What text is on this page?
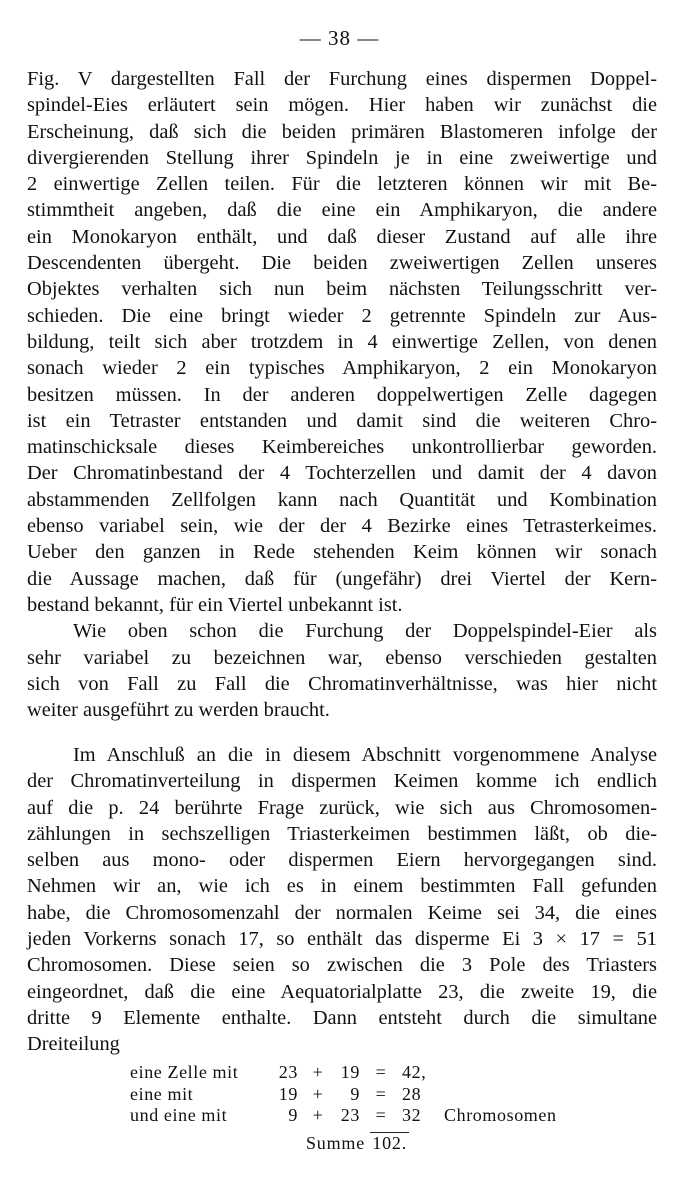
— 38 —
Fig. V dargestellten Fall der Furchung eines dispermen Doppel-
spindel-Eies erläutert sein mögen. Hier haben wir zunächst die
Erscheinung, daß sich die beiden primären Blastomeren infolge der
divergierenden Stellung ihrer Spindeln je in eine zweiwertige und
2 einwertige Zellen teilen. Für die letzteren können wir mit Be-
stimmtheit angeben, daß die eine ein Amphikaryon, die andere
ein Monokaryon enthält, und daß dieser Zustand auf alle ihre
Descendenten übergeht. Die beiden zweiwertigen Zellen unseres
Objektes verhalten sich nun beim nächsten Teilungsschritt ver-
schieden. Die eine bringt wieder 2 getrennte Spindeln zur Aus-
bildung, teilt sich aber trotzdem in 4 einwertige Zellen, von denen
sonach wieder 2 ein typisches Amphikaryon, 2 ein Monokaryon
besitzen müssen. In der anderen doppelwertigen Zelle dagegen
ist ein Tetraster entstanden und damit sind die weiteren Chro-
matinschicksale dieses Keimbereiches unkontrollierbar geworden.
Der Chromatinbestand der 4 Tochterzellen und damit der 4 davon
abstammenden Zellfolgen kann nach Quantität und Kombination
ebenso variabel sein, wie der der 4 Bezirke eines Tetrasterkeimes.
Ueber den ganzen in Rede stehenden Keim können wir sonach
die Aussage machen, daß für (ungefähr) drei Viertel der Kern-
bestand bekannt, für ein Viertel unbekannt ist.
Wie oben schon die Furchung der Doppelspindel-Eier als
sehr variabel zu bezeichnen war, ebenso verschieden gestalten
sich von Fall zu Fall die Chromatinverhältnisse, was hier nicht
weiter ausgeführt zu werden braucht.
Im Anschluß an die in diesem Abschnitt vorgenommene Analyse
der Chromatinverteilung in dispermen Keimen komme ich endlich
auf die p. 24 berührte Frage zurück, wie sich aus Chromosomen-
zählungen in sechszelligen Triasterkeimen bestimmen läßt, ob die-
selben aus mono- oder dispermen Eiern hervorgegangen sind.
Nehmen wir an, wie ich es in einem bestimmten Fall gefunden
habe, die Chromosomenzahl der normalen Keime sei 34, die eines
jeden Vorkerns sonach 17, so enthält das disperme Ei 3 × 17 = 51
Chromosomen. Diese seien so zwischen die 3 Pole des Triasters
eingeordnet, daß die eine Aequatorialplatte 23, die zweite 19, die
dritte 9 Elemente enthalte. Dann entsteht durch die simultane
Dreiteilung
eine Zelle mit	23	+	19	=	42,	
eine mit	19	+	9	=	28	
und eine mit	9	+	23	=	32	Chromosomen
Summe 102.
